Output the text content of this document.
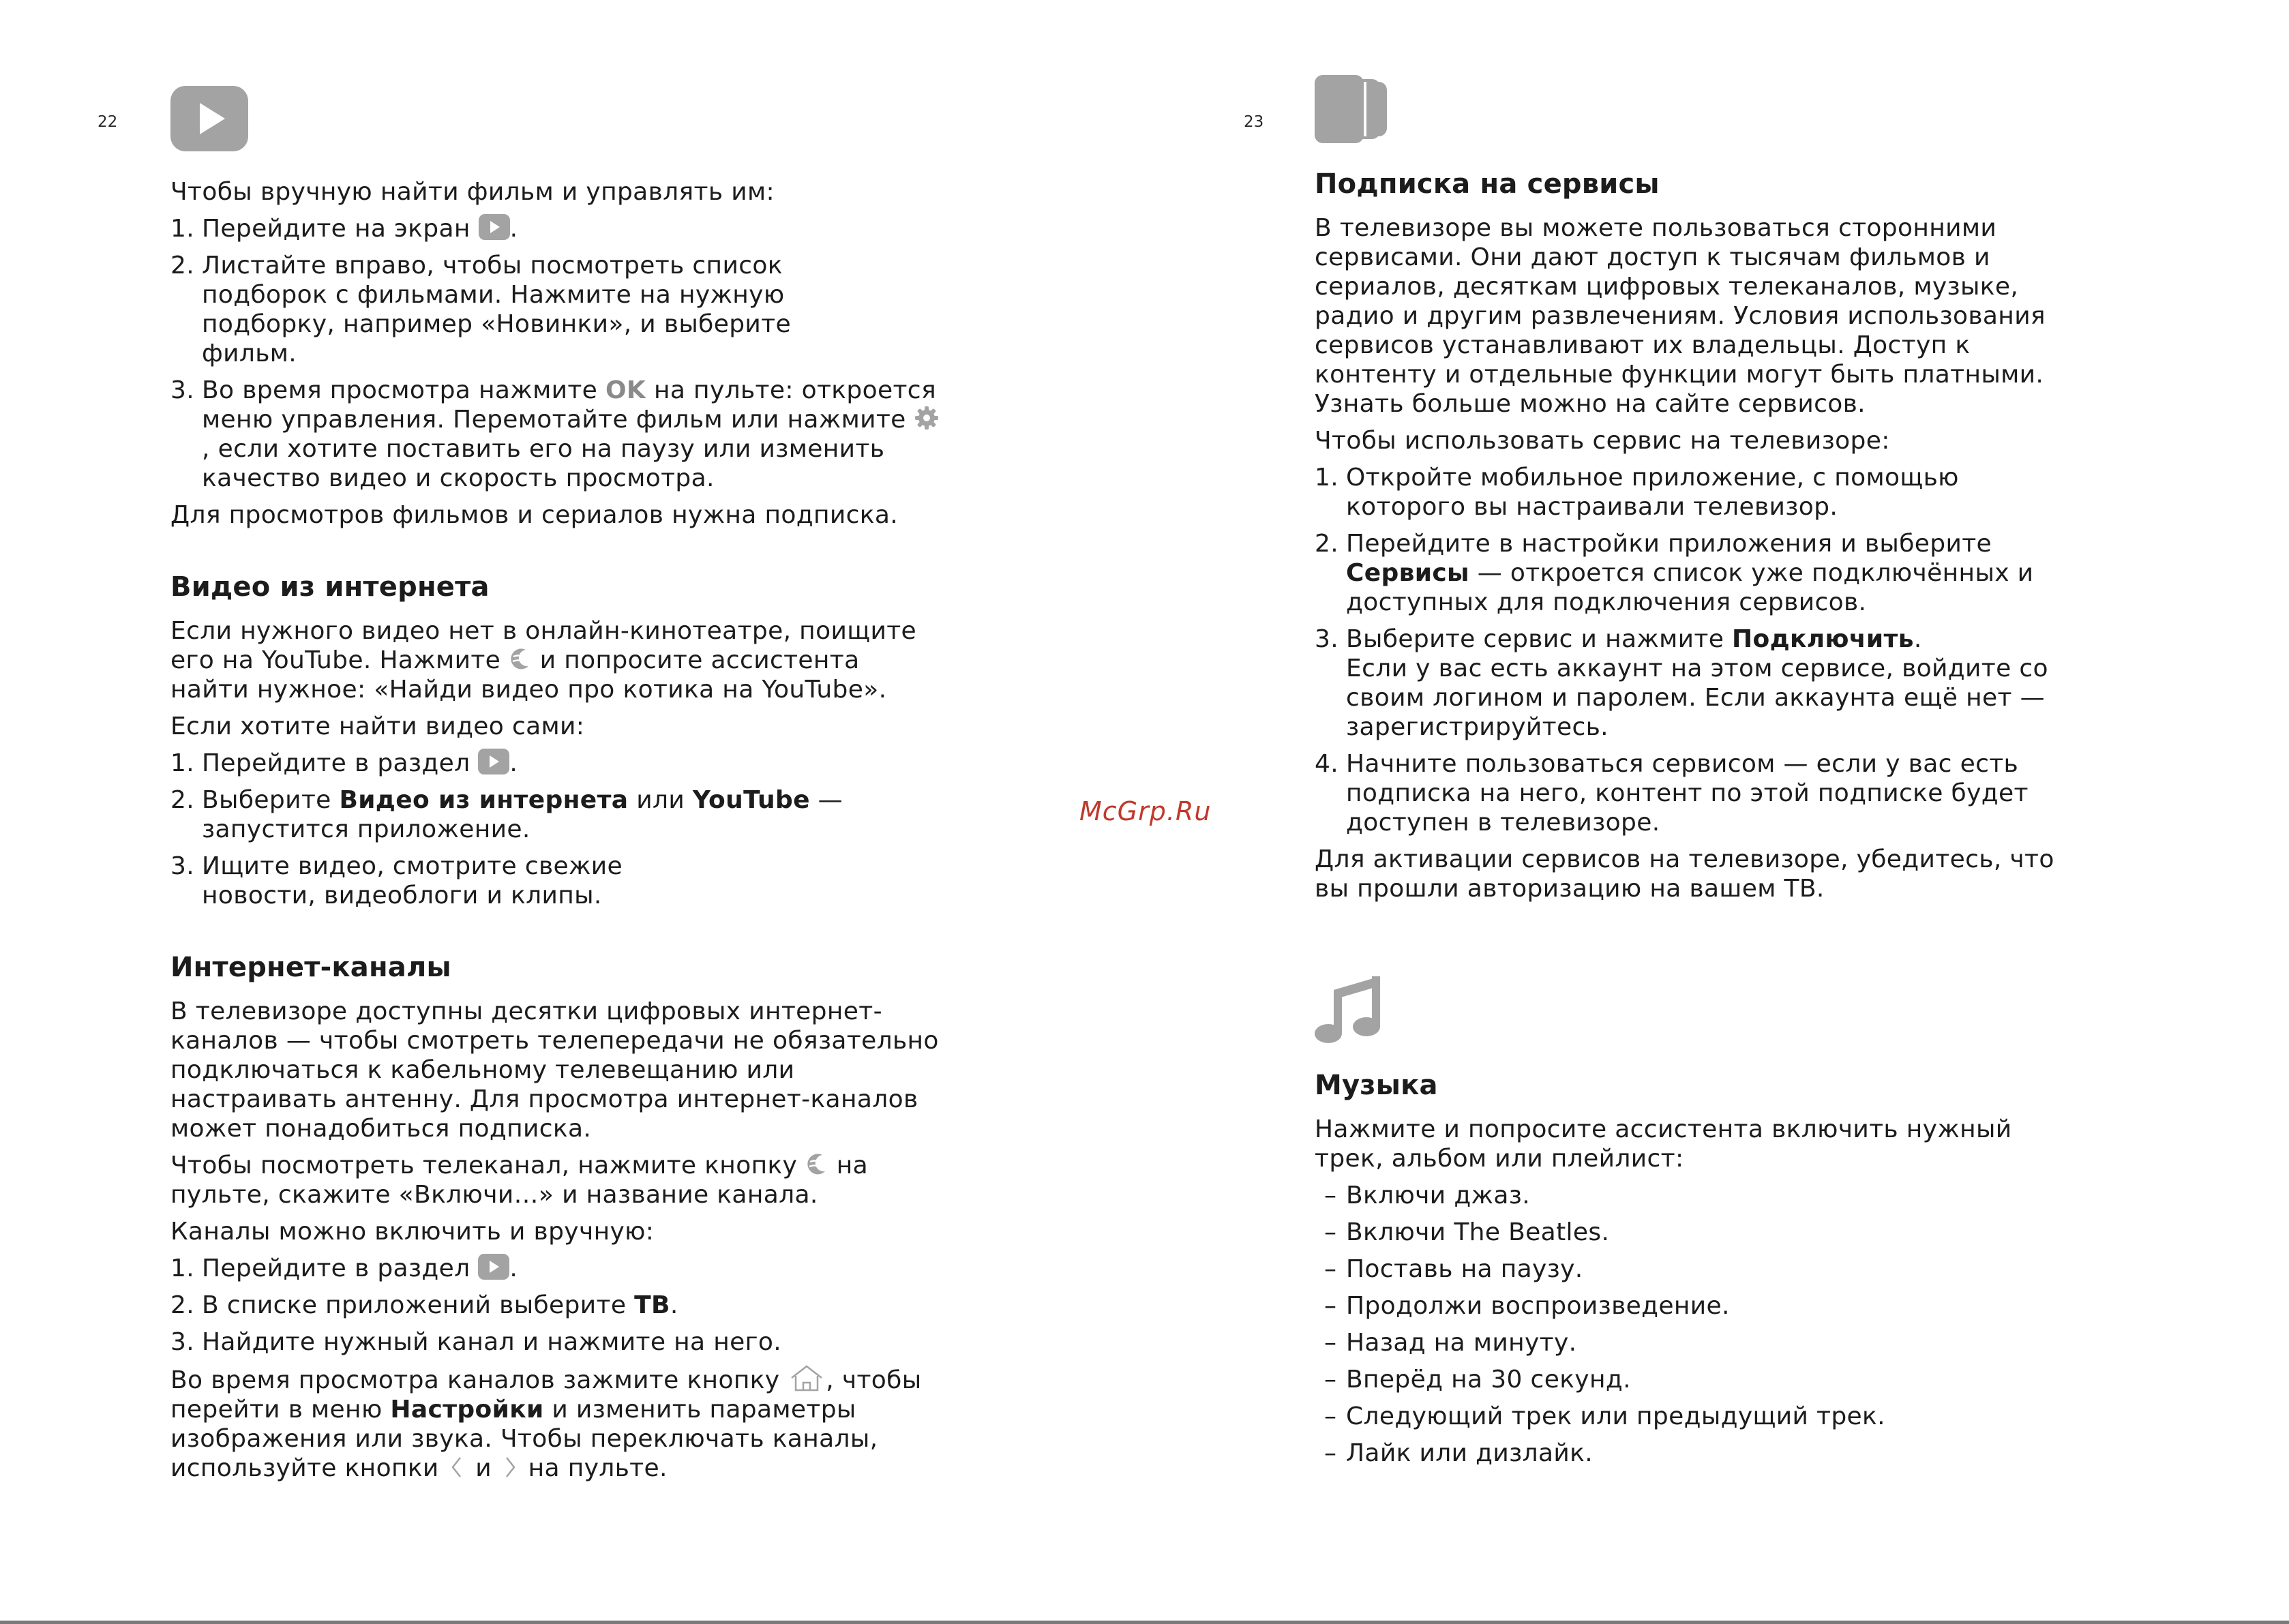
22	23

Чтобы вручную найти фильм и управлять им:

1. Перейдите на экран
.
2. Листайте вправо, чтобы посмотреть список подборок с фильмами. Нажмите на нужную подборку, например «Новинки», и выберите фильм.
3. Во время просмотра нажмите OK на пульте: откроется меню управления. Перемотайте фильм или нажмите
, если хотите поставить его на паузу или изменить качество видео и скорость просмотра.

Для просмотров фильмов и сериалов нужна подписка.

Видео из интернета

Если нужного видео нет в онлайн-кинотеатре, поищите его на YouTube. Нажмите
и попросите ассистента найти нужное: «Найди видео про котика на YouTube».

Если хотите найти видео сами:

1. Перейдите в раздел
.
2. Выберите Видео из интернета или YouTube — запустится приложение.
3. Ищите видео, смотрите свежие новости, видеоблоги и клипы.
Интернет-каналы

В телевизоре доступны десятки цифровых интернет-каналов — чтобы смотреть телепередачи не обязательно подключаться к кабельному телевещанию или настраивать антенну. Для просмотра интернет-каналов может понадобиться подписка.

Чтобы посмотреть телеканал, нажмите кнопку
на пульте, скажите «Включи…» и название канала.

Каналы можно включить и вручную:

1. Перейдите в раздел
.
2. В списке приложений выберите ТВ.
3. Найдите нужный канал и нажмите на него.

Во время просмотра каналов зажмите кнопку
, чтобы перейти в меню Настройки и изменить параметры изображения или звука. Чтобы переключать каналы, используйте кнопки
и
на пульте.

McGrp.Ru
Подписка на сервисы

В телевизоре вы можете пользоваться сторонними сервисами. Они дают доступ к тысячам фильмов и сериалов, десяткам цифровых телеканалов, музыке, радио и другим развлечениям. Условия использования сервисов устанавливают их владельцы. Доступ к контенту и отдельные функции могут быть платными. Узнать больше можно на сайте сервисов.

Чтобы использовать сервис на телевизоре:

1. Откройте мобильное приложение, с помощью которого вы настраивали телевизор.
2. Перейдите в настройки приложения и выберите Сервисы — откроется список уже подключённых и доступных для подключения сервисов.
3. Выберите сервис и нажмите Подключить.
Если у вас есть аккаунт на этом сервисе, войдите со своим логином и паролем. Если аккаунта ещё нет — зарегистрируйтесь.
4. Начните пользоваться сервисом — если у вас есть подписка на него, контент по этой подписке будет доступен в телевизоре.

Для активации сервисов на телевизоре, убедитесь, что вы прошли авторизацию на вашем ТВ.

Музыка

Нажмите и попросите ассистента включить нужный трек, альбом или плейлист:

– Включи джаз.
– Включи The Beatles.
– Поставь на паузу.
– Продолжи воспроизведение.
– Назад на минуту.
– Вперёд на 30 секунд.
– Следующий трек или предыдущий трек.
– Лайк или дизлайк.
